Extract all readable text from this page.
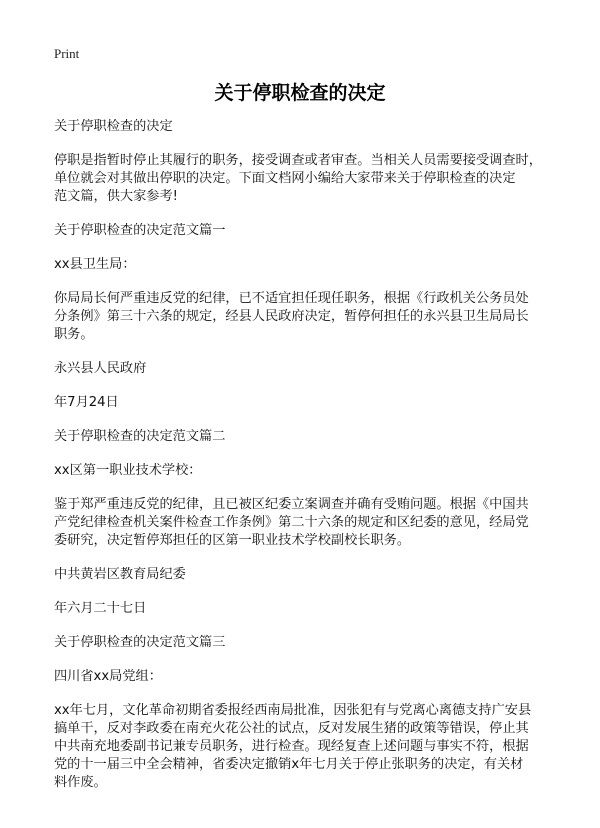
Print
关于停职检查的决定

关于停职检查的决定

停职是指暂时停止其履行的职务，接受调查或者审查。当相关人员需要接受调查时，

单位就会对其做出停职的决定。下面文档网小编给大家带来关于停职检查的决定

范文篇，供大家参考!

关于停职检查的决定范文篇一

xx县卫生局：

你局局长何严重违反党的纪律，已不适宜担任现任职务，根据《行政机关公务员处

分条例》第三十六条的规定，经县人民政府决定，暂停何担任的永兴县卫生局局长

职务。

永兴县人民政府

年7月24日

关于停职检查的决定范文篇二

xx区第一职业技术学校：

鉴于郑严重违反党的纪律，且已被区纪委立案调查并确有受贿问题。根据《中国共

产党纪律检查机关案件检查工作条例》第二十六条的规定和区纪委的意见，经局党

委研究，决定暂停郑担任的区第一职业技术学校副校长职务。

中共黄岩区教育局纪委

年六月二十七日

关于停职检查的决定范文篇三

四川省xx局党组：

xx年七月，文化革命初期省委报经西南局批准，因张犯有与党离心离德支持广安县

搞单干，反对李政委在南充火花公社的试点，反对发展生猪的政策等错误，停止其

中共南充地委副书记兼专员职务，进行检查。现经复查上述问题与事实不符，根据

党的十一届三中全会精神，省委决定撤销x年七月关于停止张职务的决定，有关材

料作废。
